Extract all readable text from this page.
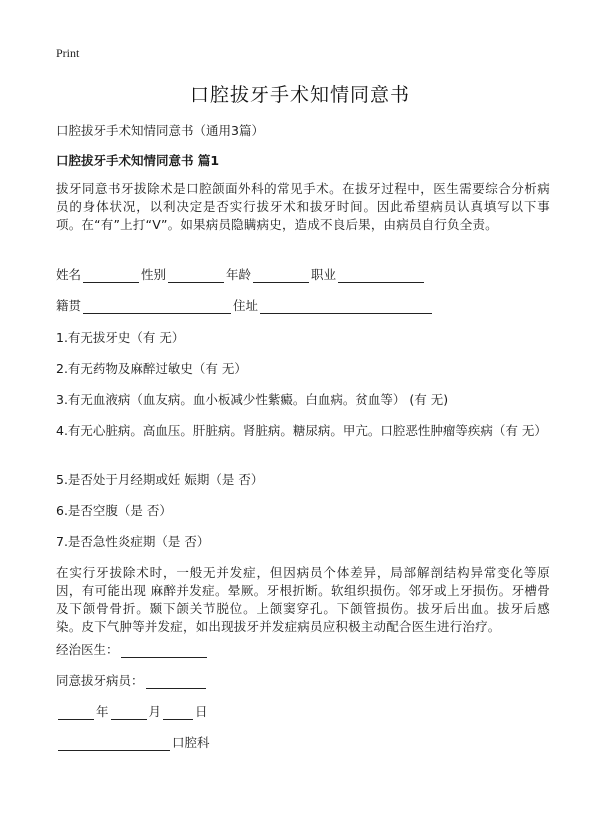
Print
口腔拔牙手术知情同意书
口腔拔牙手术知情同意书（通用3篇）
口腔拔牙手术知情同意书 篇1
拔牙同意书牙拔除术是口腔颌面外科的常见手术。在拔牙过程中，医生需要综合分析病员的身体状况，以利决定是否实行拔牙术和拔牙时间。因此希望病员认真填写以下事项。在“有”上打“V”。如果病员隐瞒病史，造成不良后果，由病员自行负全责。
姓名	性别	年龄	职业
籍贯	住址
1.有无拔牙史（有 无）
2.有无药物及麻醉过敏史（有 无）
3.有无血液病（血友病。血小板减少性紫癜。白血病。贫血等） (有 无)
4.有无心脏病。高血压。肝脏病。肾脏病。糖尿病。甲亢。口腔恶性肿瘤等疾病（有 无）
5.是否处于月经期或妊 娠期（是 否）
6.是否空腹（是 否）
7.是否急性炎症期（是 否）
在实行牙拔除术时，一般无并发症，但因病员个体差异，局部解剖结构异常变化等原因，有可能出现 麻醉并发症。晕厥。牙根折断。软组织损伤。邻牙或上牙损伤。牙槽骨及下颌骨骨折。颞下颌关节脱位。上颌窦穿孔。下颌管损伤。拔牙后出血。拔牙后感染。皮下气肿等并发症，如出现拔牙并发症病员应积极主动配合医生进行治疗。
经治医生：
同意拔牙病员：
年	月	日
口腔科
